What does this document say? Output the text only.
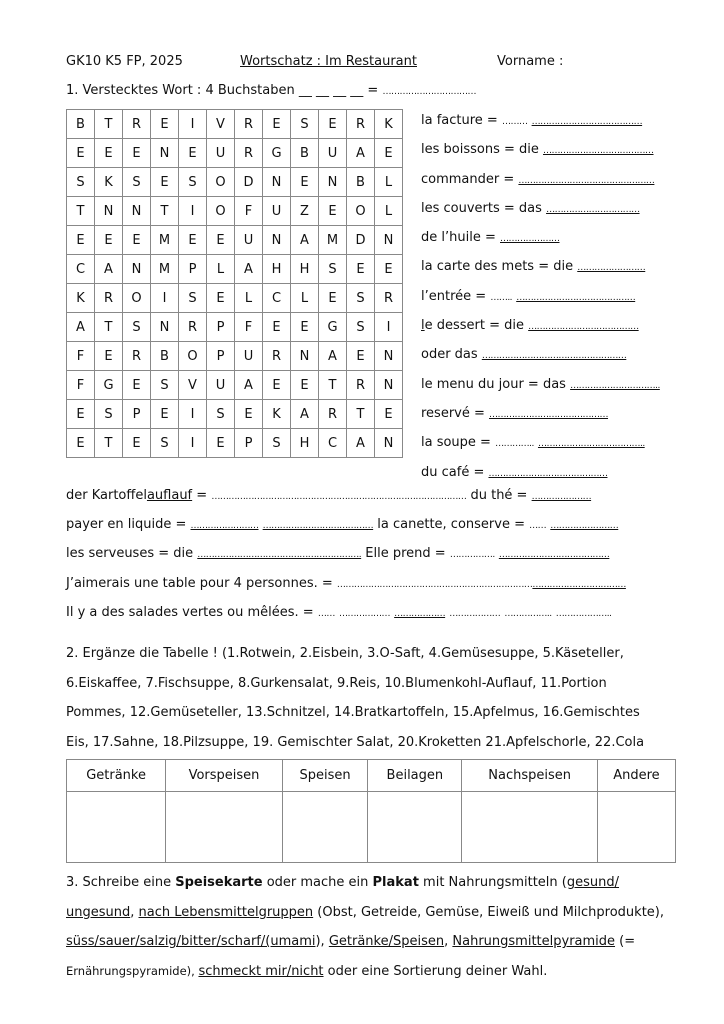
GK10 K5 FP, 2025	Wortschatz : Im Restaurant	Vorname :
1. Verstecktes Wort : 4 Buchstaben __ __ __ __ = ……………………………
B	T	R	E	I	V	R	E	S	E	R	K
E	E	E	N	E	U	R	G	B	U	A	E
S	K	S	E	S	O	D	N	E	N	B	L
T	N	N	T	I	O	F	U	Z	E	O	L
E	E	E	M	E	E	U	N	A	M	D	N
C	A	N	M	P	L	A	H	H	S	E	E
K	R	O	I	S	E	L	C	L	E	S	R
A	T	S	N	R	P	F	E	E	G	S	I
F	E	R	B	O	P	U	R	N	A	E	N
F	G	E	S	V	U	A	E	E	T	R	N
E	S	P	E	I	S	E	K	A	R	T	E
E	T	E	S	I	E	P	S	H	C	A	N
la facture = ……… …………………………………
les boissons = die …………………………………
commander = …………………………………………
les couverts = das ……………………………
de l’huile = …………………
la carte des mets = die ……………………
l’entrée = …….. ……………………………………
le dessert = die …………………………………
oder das ……………………………………………
le menu du jour = das …………………………..
reservé = ……………………………………
la soupe = ………….. ………………………………..
du café = ……………………………………
der Kartoffelauflauf = ……………………………………………………………………………… du thé = …………………
payer en liquide = …………………… ………………………………… la canette, conserve = …… ……………………
les serveuses = die …………………………………………………. Elle prend = ……………. …………………………………
J’aimerais une table pour 4 personnes. = …………………………………………………………………………………………
Il y a des salades vertes ou mêlées. = …… ……………… ……………… ……………… …………….. ………………..
2. Ergänze die Tabelle ! (1.Rotwein, 2.Eisbein, 3.O-Saft, 4.Gemüsesuppe, 5.Käseteller,
6.Eiskaffee, 7.Fischsuppe, 8.Gurkensalat, 9.Reis, 10.Blumenkohl-Auflauf, 11.Portion
Pommes, 12.Gemüseteller, 13.Schnitzel, 14.Bratkartoffeln, 15.Apfelmus, 16.Gemischtes
Eis, 17.Sahne, 18.Pilzsuppe, 19. Gemischter Salat, 20.Kroketten 21.Apfelschorle, 22.Cola
Getränke	Vorspeisen	Speisen	Beilagen	Nachspeisen	Andere

3. Schreibe eine Speisekarte oder mache ein Plakat mit Nahrungsmitteln (gesund/ ungesund, nach Lebensmittelgruppen (Obst, Getreide, Gemüse, Eiweiß und Milchprodukte), süss/sauer/salzig/bitter/scharf/(umami), Getränke/Speisen, Nahrungsmittelpyramide (= Ernährungspyramide), schmeckt mir/nicht oder eine Sortierung deiner Wahl.
